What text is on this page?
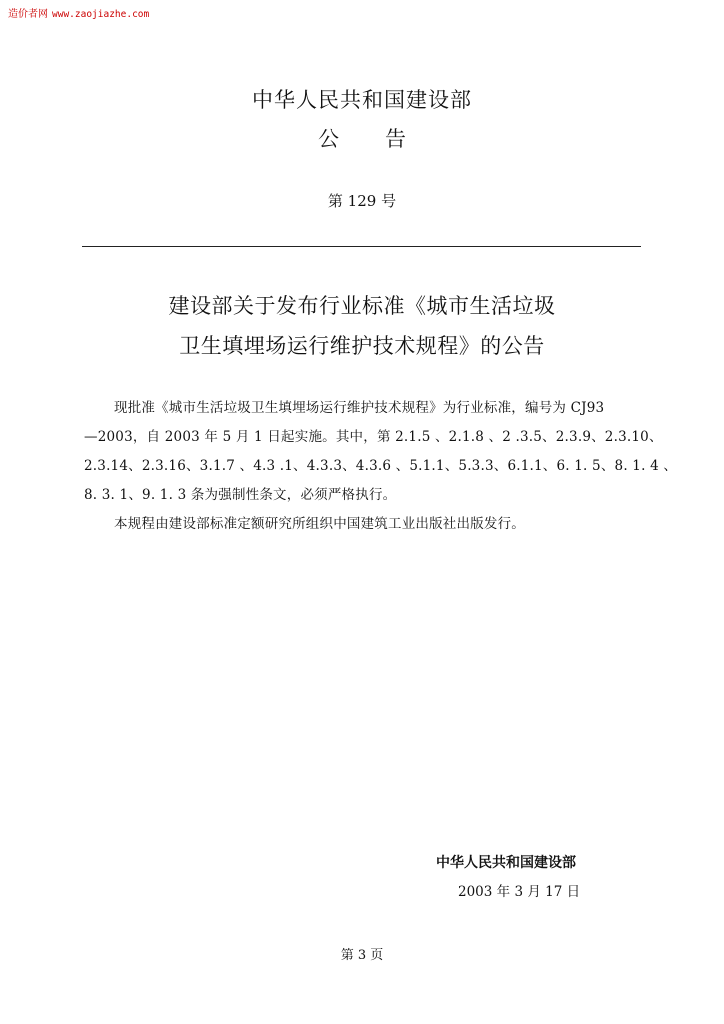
造价者网 www.zaojiazhe.com
中华人民共和国建设部
公告
第 129 号
建设部关于发布行业标准《城市生活垃圾
卫生填埋场运行维护技术规程》的公告
现批准《城市生活垃圾卫生填埋场运行维护技术规程》为行业标准，编号为 CJ93
—2003，自 2003 年 5 月 1 日起实施。其中，第 2.1.5 、2.1.8 、2 .3.5、2.3.9、2.3.10、
2.3.14、2.3.16、3.1.7 、4.3 .1、4.3.3、4.3.6 、5.1.1、5.3.3、6.1.1、6. 1. 5、8. 1. 4 、
8. 3. 1、9. 1. 3 条为强制性条文，必须严格执行。
本规程由建设部标准定额研究所组织中国建筑工业出版社出版发行。
中华人民共和国建设部
2003 年 3 月 17 日
第 3 页
